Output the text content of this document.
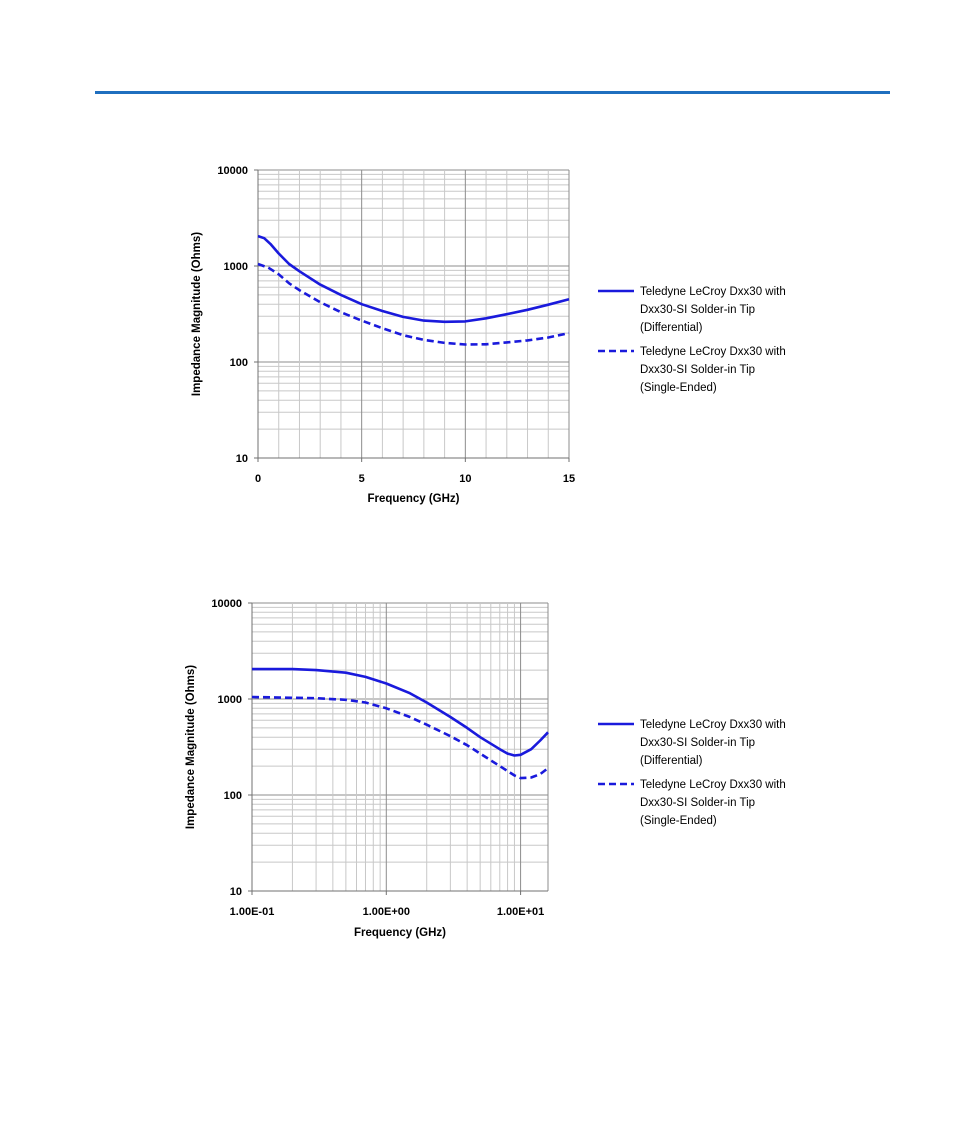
10
100
1000
10000
0	5	10	15
Frequency (GHz)
Impedance Magnitude (Ohms)	Teledyne LeCroy Dxx30 with
Dxx30-SI Solder-in Tip
(Differential)
Teledyne LeCroy Dxx30 with
Dxx30-SI Solder-in Tip
(Single-Ended)
10
100
1000
10000
1.00E-01	1.00E+00	1.00E+01
Frequency (GHz)
Impedance Magnitude (Ohms)	Teledyne LeCroy Dxx30 with
Dxx30-SI Solder-in Tip
(Differential)
Teledyne LeCroy Dxx30 with
Dxx30-SI Solder-in Tip
(Single-Ended)
